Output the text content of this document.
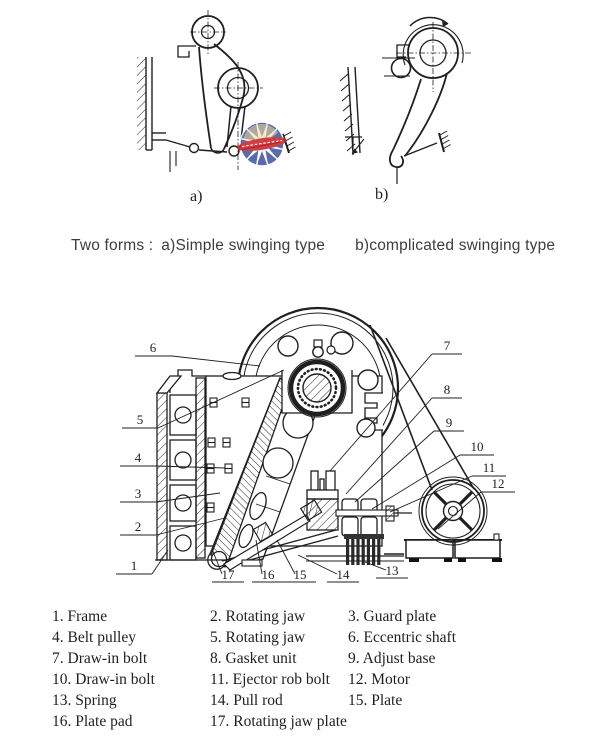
a)	b)
Two forms : a)Simple swinging type b)complicated swinging type
6
5
4
3
2
1
7
8
9
10
11
12
13
14
15
16
17
1. Frame	2. Rotating jaw	3. Guard plate
4. Belt pulley	5. Rotating jaw	6. Eccentric shaft
7. Draw-in bolt	8. Gasket unit	9. Adjust base
10. Draw-in bolt	11. Ejector rob bolt	12. Motor
13. Spring	14. Pull rod	15. Plate
16. Plate pad	17. Rotating jaw plate
